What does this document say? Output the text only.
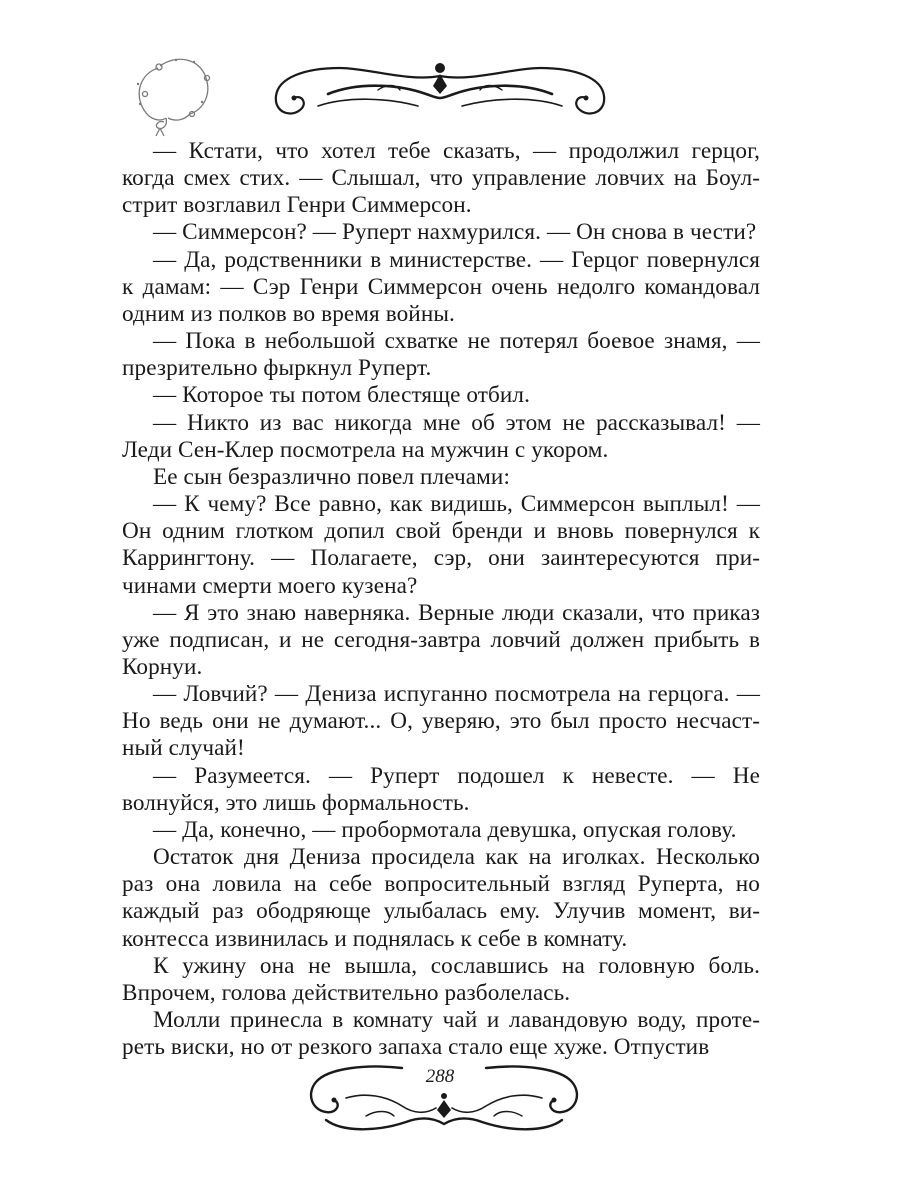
— Кстати, что хотел тебе сказать, — продолжил герцог, когда смех стих. — Слышал, что управление ловчих на Боулстрит возглавил Генри Симмерсон.

— Симмерсон? — Руперт нахмурился. — Он снова в чести?

— Да, родственники в министерстве. — Герцог повернулся к дамам: — Сэр Генри Симмерсон очень недолго командовал одним из полков во время войны.

— Пока в небольшой схватке не потерял боевое знамя, — презрительно фыркнул Руперт.

— Которое ты потом блестяще отбил.

— Никто из вас никогда мне об этом не рассказывал! — Леди Сен-Клер посмотрела на мужчин с укором.

Ее сын безразлично повел плечами:

— К чему? Все равно, как видишь, Симмерсон выплыл! — Он одним глотком допил свой бренди и вновь повернулся к Каррингтону. — Полагаете, сэр, они заинтересуются причинами смерти моего кузена?

— Я это знаю наверняка. Верные люди сказали, что приказ уже подписан, и не сегодня-завтра ловчий должен прибыть в Корнуи.

— Ловчий? — Дениза испуганно посмотрела на герцога. — Но ведь они не думают... О, уверяю, это был просто несчастный случай!

— Разумеется. — Руперт подошел к невесте. — Не волнуйся, это лишь формальность.

— Да, конечно, — пробормотала девушка, опуская голову.

Остаток дня Дениза просидела как на иголках. Несколько раз она ловила на себе вопросительный взгляд Руперта, но каждый раз ободряюще улыбалась ему. Улучив момент, виконтесса извинилась и поднялась к себе в комнату.

К ужину она не вышла, сославшись на головную боль. Впрочем, голова действительно разболелась.

Молли принесла в комнату чай и лавандовую воду, протереть виски, но от резкого запаха стало еще хуже. Отпустив

288
